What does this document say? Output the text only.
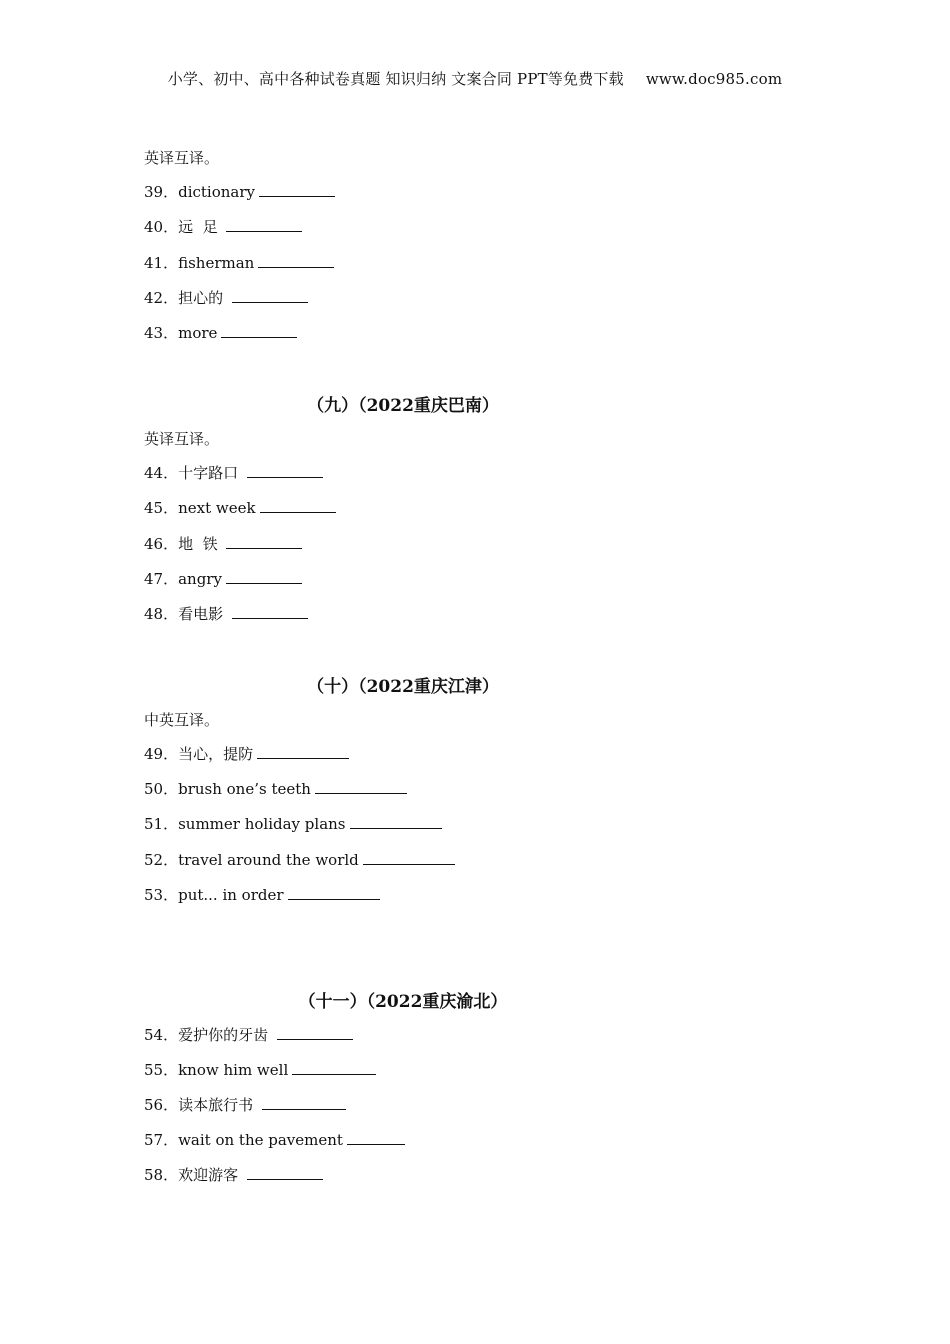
小学、初中、高中各种试卷真题 知识归纳 文案合同 PPT等免费下载 www.doc985.com
英译互译。
39．dictionary
40．远  足
41．fisherman
42．担心的
43．more
（九）（2022重庆巴南）
英译互译。
44．十字路口
45．next week
46．地  铁
47．angry
48．看电影
（十）（2022重庆江津）
中英互译。
49．当心，提防
50．brush one’s teeth
51．summer holiday plans
52．travel around the world
53．put... in order
（十一）（2022重庆渝北）
54．爱护你的牙齿
55．know him well
56．读本旅行书
57．wait on the pavement
58．欢迎游客
